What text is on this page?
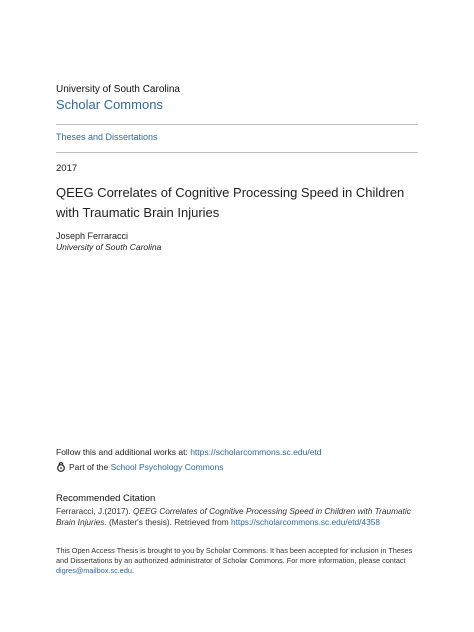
University of South Carolina
Scholar Commons
Theses and Dissertations
2017
QEEG Correlates of Cognitive Processing Speed in Children with Traumatic Brain Injuries
Joseph Ferraracci
University of South Carolina
Follow this and additional works at: https://scholarcommons.sc.edu/etd
Part of the
School Psychology Commons
Recommended Citation
Ferraracci, J.(2017). QEEG Correlates of Cognitive Processing Speed in Children with Traumatic Brain Injuries. (Master's thesis). Retrieved from https://scholarcommons.sc.edu/etd/4358
This Open Access Thesis is brought to you by Scholar Commons. It has been accepted for inclusion in Theses and Dissertations by an authorized administrator of Scholar Commons. For more information, please contact digres@mailbox.sc.edu.
